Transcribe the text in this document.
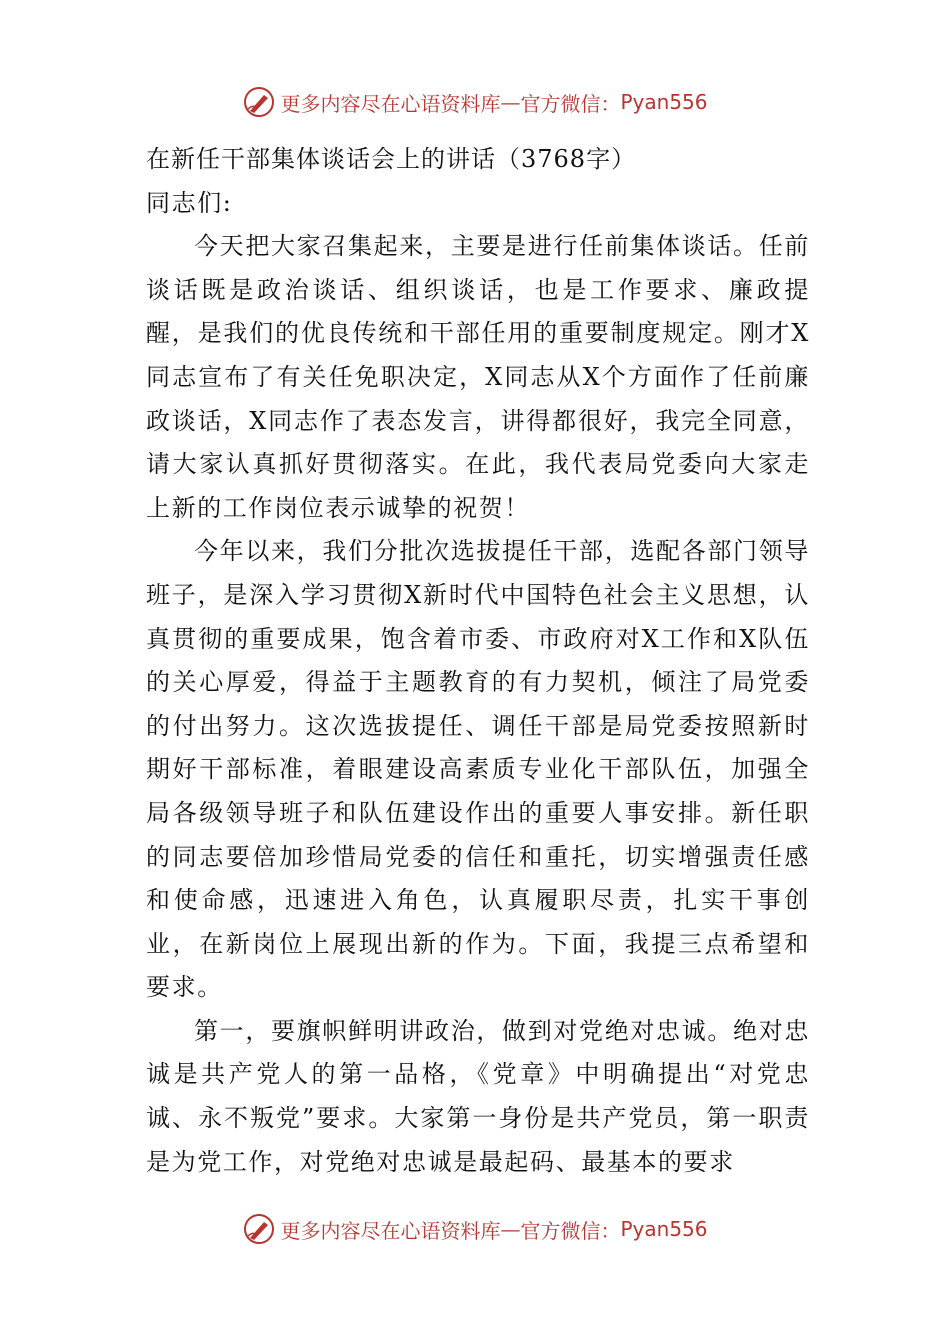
更多内容尽在心语资料库 — 官方微信： Pyan556

在新任干部集体谈话会上的讲话（3768字）

同志们:

今天把大家召集起来，主要是进行任前集体谈话。任前谈话既是政治谈话、组织谈话，也是工作要求、廉政提醒，是我们的优良传统和干部任用的重要制度规定。刚才X同志宣布了有关任免职决定，X同志从X个方面作了任前廉政谈话，X同志作了表态发言，讲得都很好，我完全同意，请大家认真抓好贯彻落实。在此，我代表局党委向大家走上新的工作岗位表示诚挚的祝贺！

今年以来，我们分批次选拔提任干部，选配各部门领导班子，是深入学习贯彻X新时代中国特色社会主义思想，认真贯彻的重要成果，饱含着市委、市政府对X工作和X队伍的关心厚爱，得益于主题教育的有力契机，倾注了局党委的付出努力。这次选拔提任、调任干部是局党委按照新时期好干部标准，着眼建设高素质专业化干部队伍，加强全局各级领导班子和队伍建设作出的重要人事安排。新任职的同志要倍加珍惜局党委的信任和重托，切实增强责任感和使命感，迅速进入角色，认真履职尽责，扎实干事创业，在新岗位上展现出新的作为。下面，我提三点希望和要求。

第一，要旗帜鲜明讲政治，做到对党绝对忠诚。绝对忠诚是共产党人的第一品格，《党章》中明确提出“对党忠诚、永不叛党”要求。大家第一身份是共产党员，第一职责是为党工作，对党绝对忠诚是最起码、最基本的要求

更多内容尽在心语资料库 — 官方微信： Pyan556
